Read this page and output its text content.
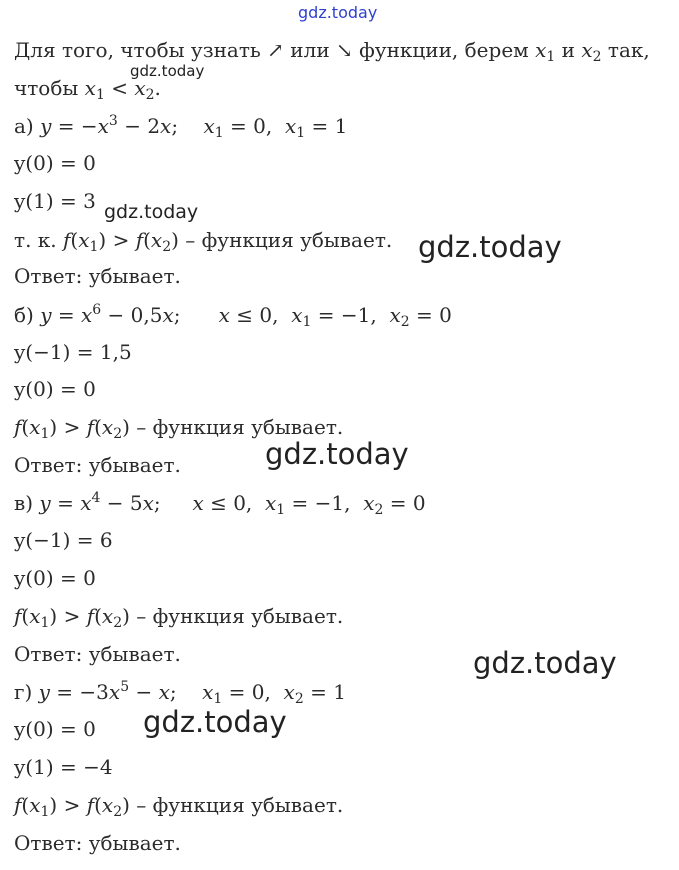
gdz.today
gdz.today
gdz.today
gdz.today
gdz.today
gdz.today
gdz.today
Для того, чтобы узнать ↗ или ↘ функции, берем $x_1$ и $x_2$ так,
чтобы $x_1 < x_2$.
а) $y = -x^3 - 2x$;    $x_1 = 0$,  $x_1 = 1$
y(0) = 0
y(1) = 3
т. к. $f(x_1) > f(x_2)$ – функция убывает.
Ответ: убывает.
б) $y = x^6 - 0,5x$;      x ≤ 0,  $x_1 = -1$,  $x_2 = 0$
y(−1) = 1,5
y(0) = 0
$f(x_1) > f(x_2)$ – функция убывает.
Ответ: убывает.
в) $y = x^4 - 5x$;     x ≤ 0,  $x_1 = -1$,  $x_2 = 0$
y(−1) = 6
y(0) = 0
$f(x_1) > f(x_2)$ – функция убывает.
Ответ: убывает.
г) $y = -3x^5 - x$;    $x_1 = 0$,  $x_2 = 1$
y(0) = 0
y(1) = −4
$f(x_1) > f(x_2)$ – функция убывает.
Ответ: убывает.
